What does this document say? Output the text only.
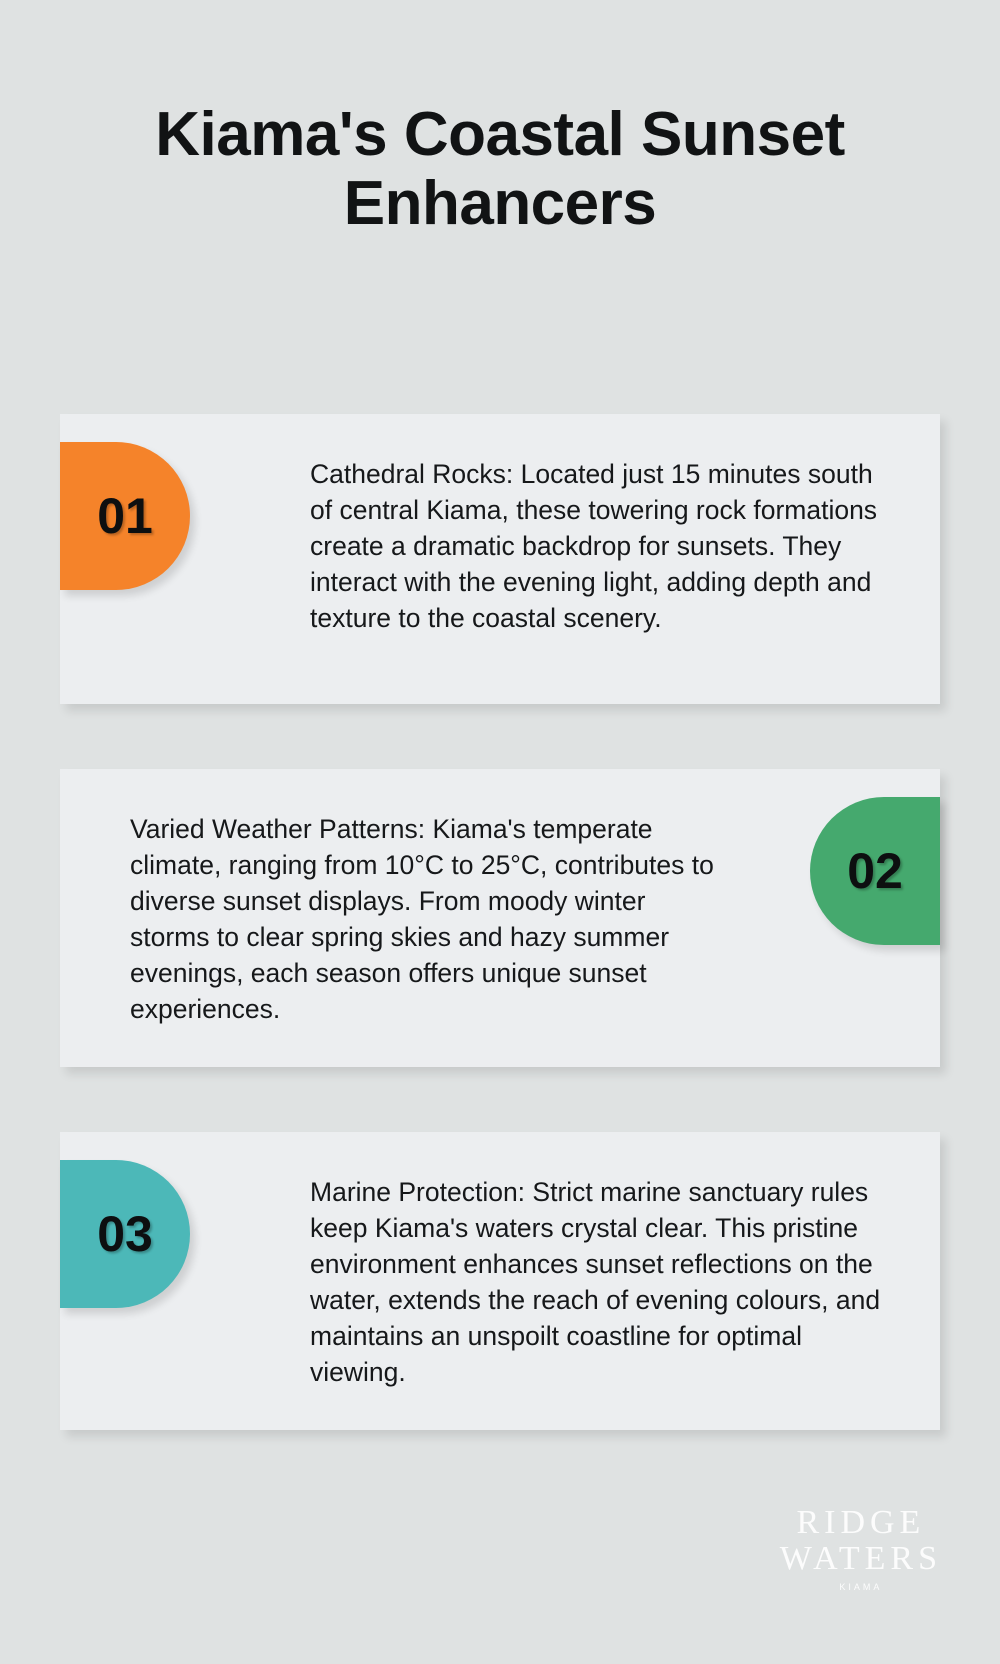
Kiama's Coastal Sunset Enhancers
01
Cathedral Rocks: Located just 15 minutes south of central Kiama, these towering rock formations create a dramatic backdrop for sunsets. They interact with the evening light, adding depth and texture to the coastal scenery.
02
Varied Weather Patterns: Kiama's temperate climate, ranging from 10°C to 25°C, contributes to diverse sunset displays. From moody winter storms to clear spring skies and hazy summer evenings, each season offers unique sunset experiences.
03
Marine Protection: Strict marine sanctuary rules keep Kiama's waters crystal clear. This pristine environment enhances sunset reflections on the water, extends the reach of evening colours, and maintains an unspoilt coastline for optimal viewing.
RIDGE
WATERS
KIAMA
